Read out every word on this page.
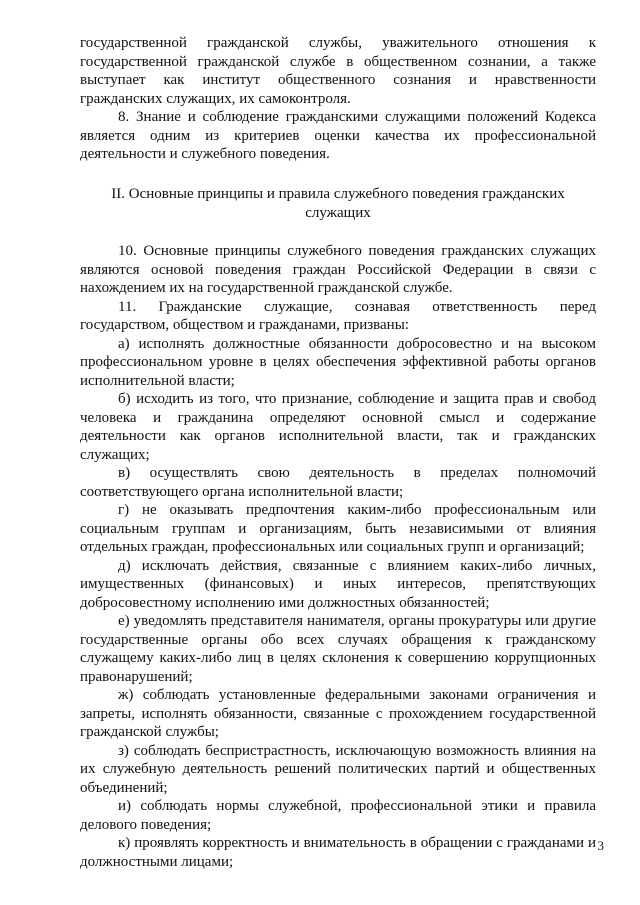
государственной гражданской службы, уважительного отношения к государственной гражданской службе в общественном сознании, а также выступает как институт общественного сознания и нравственности гражданских служащих, их самоконтроля.

8. Знание и соблюдение гражданскими служащими положений Кодекса является одним из критериев оценки качества их профессиональной деятельности и служебного поведения.

II. Основные принципы и правила служебного поведения гражданских служащих

10. Основные принципы служебного поведения гражданских служащих являются основой поведения граждан Российской Федерации в связи с нахождением их на государственной гражданской службе.

11. Гражданские служащие, сознавая ответственность перед государством, обществом и гражданами, призваны:

а) исполнять должностные обязанности добросовестно и на высоком профессиональном уровне в целях обеспечения эффективной работы органов исполнительной власти;

б) исходить из того, что признание, соблюдение и защита прав и свобод человека и гражданина определяют основной смысл и содержание деятельности как органов исполнительной власти, так и гражданских служащих;

в) осуществлять свою деятельность в пределах полномочий соответствующего органа исполнительной власти;

г) не оказывать предпочтения каким-либо профессиональным или социальным группам и организациям, быть независимыми от влияния отдельных граждан, профессиональных или социальных групп и организаций;

д) исключать действия, связанные с влиянием каких-либо личных, имущественных (финансовых) и иных интересов, препятствующих добросовестному исполнению ими должностных обязанностей;

е) уведомлять представителя нанимателя, органы прокуратуры или другие государственные органы обо всех случаях обращения к гражданскому служащему каких-либо лиц в целях склонения к совершению коррупционных правонарушений;

ж) соблюдать установленные федеральными законами ограничения и запреты, исполнять обязанности, связанные с прохождением государственной гражданской службы;

з) соблюдать беспристрастность, исключающую возможность влияния на их служебную деятельность решений политических партий и общественных объединений;

и) соблюдать нормы служебной, профессиональной этики и правила делового поведения;

к) проявлять корректность и внимательность в обращении с гражданами и должностными лицами;

3
